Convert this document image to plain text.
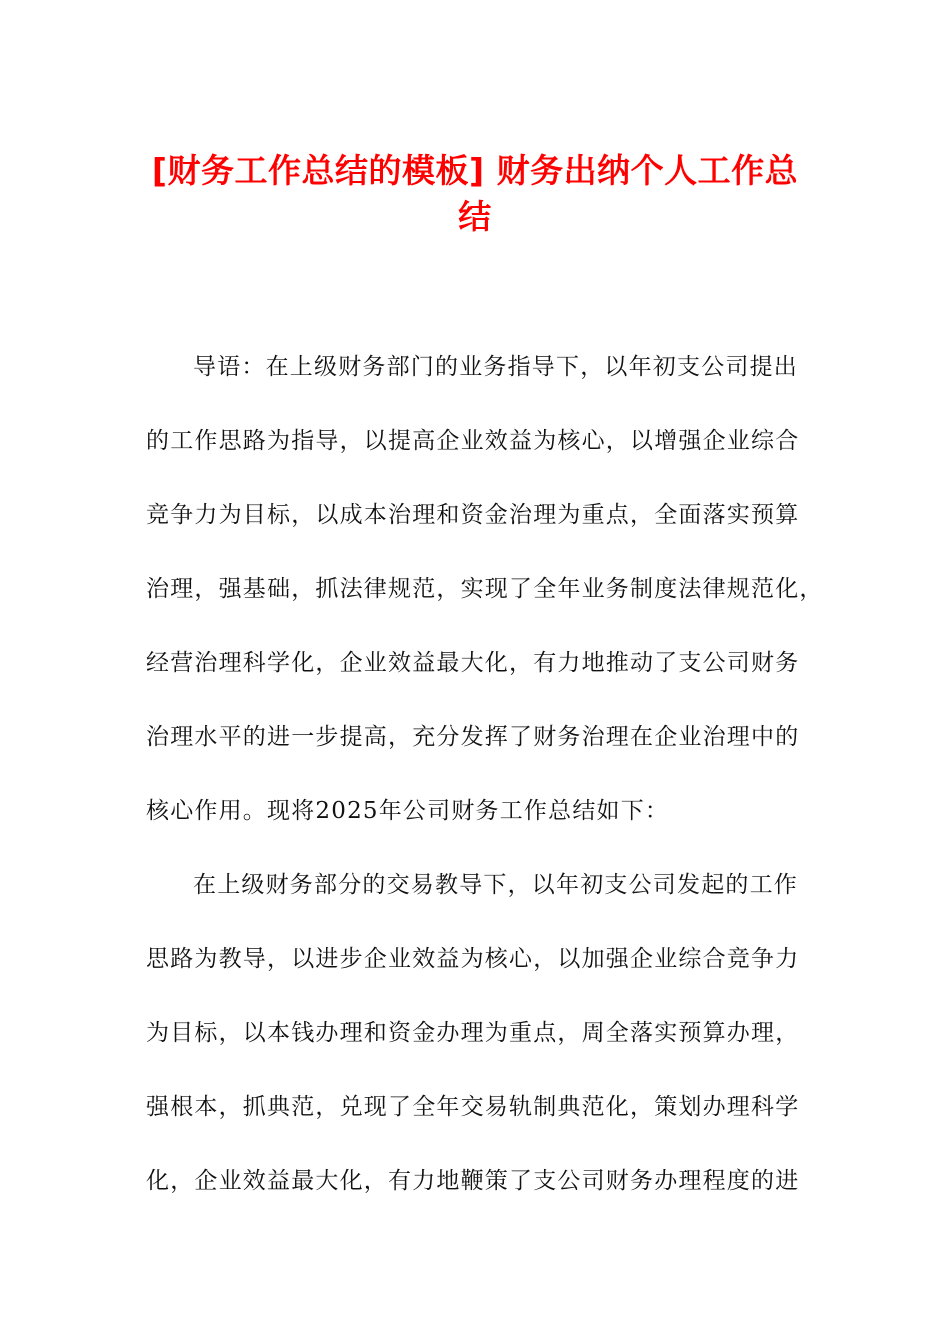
[财务工作总结的模板] 财务出纳个人工作总
结
导语：在上级财务部门的业务指导下，以年初支公司提出
的工作思路为指导，以提高企业效益为核心，以增强企业综合
竞争力为目标，以成本治理和资金治理为重点，全面落实预算
治理，强基础，抓法律规范，实现了全年业务制度法律规范化，
经营治理科学化，企业效益最大化，有力地推动了支公司财务
治理水平的进一步提高，充分发挥了财务治理在企业治理中的
核心作用。现将2025年公司财务工作总结如下：
在上级财务部分的交易教导下，以年初支公司发起的工作
思路为教导，以进步企业效益为核心，以加强企业综合竞争力
为目标，以本钱办理和资金办理为重点，周全落实预算办理，
强根本，抓典范，兑现了全年交易轨制典范化，策划办理科学
化，企业效益最大化，有力地鞭策了支公司财务办理程度的进
